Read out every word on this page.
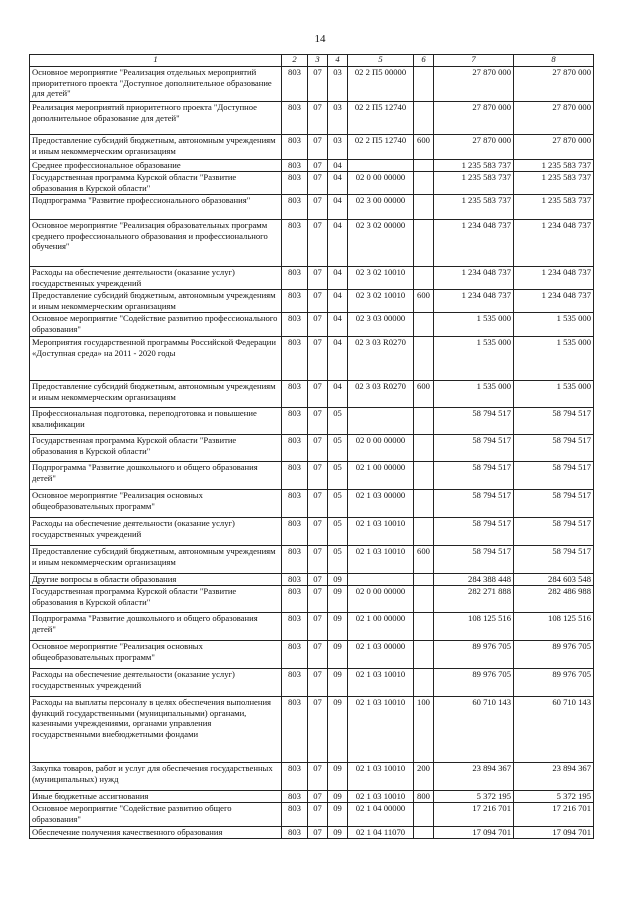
14
1	2	3	4	5	6	7	8
Основное мероприятие "Реализация отдельных мероприятий приоритетного проекта "Доступное дополнительное образование для детей"	803	07	03	02 2 П5 00000		27 870 000	27 870 000
Реализация мероприятий приоритетного проекта "Доступное дополнительное образование для детей"	803	07	03	02 2 П5 12740		27 870 000	27 870 000
Предоставление субсидий бюджетным, автономным учреждениям и иным некоммерческим организациям	803	07	03	02 2 П5 12740	600	27 870 000	27 870 000
Среднее профессиональное образование	803	07	04			1 235 583 737	1 235 583 737
Государственная программа Курской области "Развитие образования в Курской области"	803	07	04	02 0 00 00000		1 235 583 737	1 235 583 737
Подпрограмма "Развитие профессионального образования"	803	07	04	02 3 00 00000		1 235 583 737	1 235 583 737
Основное мероприятие "Реализация образовательных программ среднего профессионального образования и профессионального обучения"	803	07	04	02 3 02 00000		1 234 048 737	1 234 048 737
Расходы на обеспечение деятельности (оказание услуг) государственных учреждений	803	07	04	02 3 02 10010		1 234 048 737	1 234 048 737
Предоставление субсидий бюджетным, автономным учреждениям и иным некоммерческим организациям	803	07	04	02 3 02 10010	600	1 234 048 737	1 234 048 737
Основное мероприятие "Содействие развитию профессионального образования"	803	07	04	02 3 03 00000		1 535 000	1 535 000
Мероприятия государственной программы Российской Федерации «Доступная среда» на 2011 - 2020 годы	803	07	04	02 3 03 R0270		1 535 000	1 535 000
Предоставление субсидий бюджетным, автономным учреждениям и иным некоммерческим организациям	803	07	04	02 3 03 R0270	600	1 535 000	1 535 000
Профессиональная подготовка, переподготовка и повышение квалификации	803	07	05			58 794 517	58 794 517
Государственная программа Курской области "Развитие образования в Курской области"	803	07	05	02 0 00 00000		58 794 517	58 794 517
Подпрограмма "Развитие дошкольного и общего образования детей"	803	07	05	02 1 00 00000		58 794 517	58 794 517
Основное мероприятие "Реализация основных общеобразовательных программ"	803	07	05	02 1 03 00000		58 794 517	58 794 517
Расходы на обеспечение деятельности (оказание услуг) государственных учреждений	803	07	05	02 1 03 10010		58 794 517	58 794 517
Предоставление субсидий бюджетным, автономным учреждениям и иным некоммерческим организациям	803	07	05	02 1 03 10010	600	58 794 517	58 794 517
Другие вопросы в области образования	803	07	09			284 388 448	284 603 548
Государственная программа Курской области "Развитие образования в Курской области"	803	07	09	02 0 00 00000		282 271 888	282 486 988
Подпрограмма "Развитие дошкольного и общего образования детей"	803	07	09	02 1 00 00000		108 125 516	108 125 516
Основное мероприятие "Реализация основных общеобразовательных программ"	803	07	09	02 1 03 00000		89 976 705	89 976 705
Расходы на обеспечение деятельности (оказание услуг) государственных учреждений	803	07	09	02 1 03 10010		89 976 705	89 976 705
Расходы на выплаты персоналу в целях обеспечения выполнения функций государственными (муниципальными) органами, казенными учреждениями, органами управления государственными внебюджетными фондами	803	07	09	02 1 03 10010	100	60 710 143	60 710 143
Закупка товаров, работ и услуг для обеспечения государственных (муниципальных) нужд	803	07	09	02 1 03 10010	200	23 894 367	23 894 367
Иные бюджетные ассигнования	803	07	09	02 1 03 10010	800	5 372 195	5 372 195
Основное мероприятие "Содействие развитию общего образования"	803	07	09	02 1 04 00000		17 216 701	17 216 701
Обеспечение получения качественного образования	803	07	09	02 1 04 11070		17 094 701	17 094 701
